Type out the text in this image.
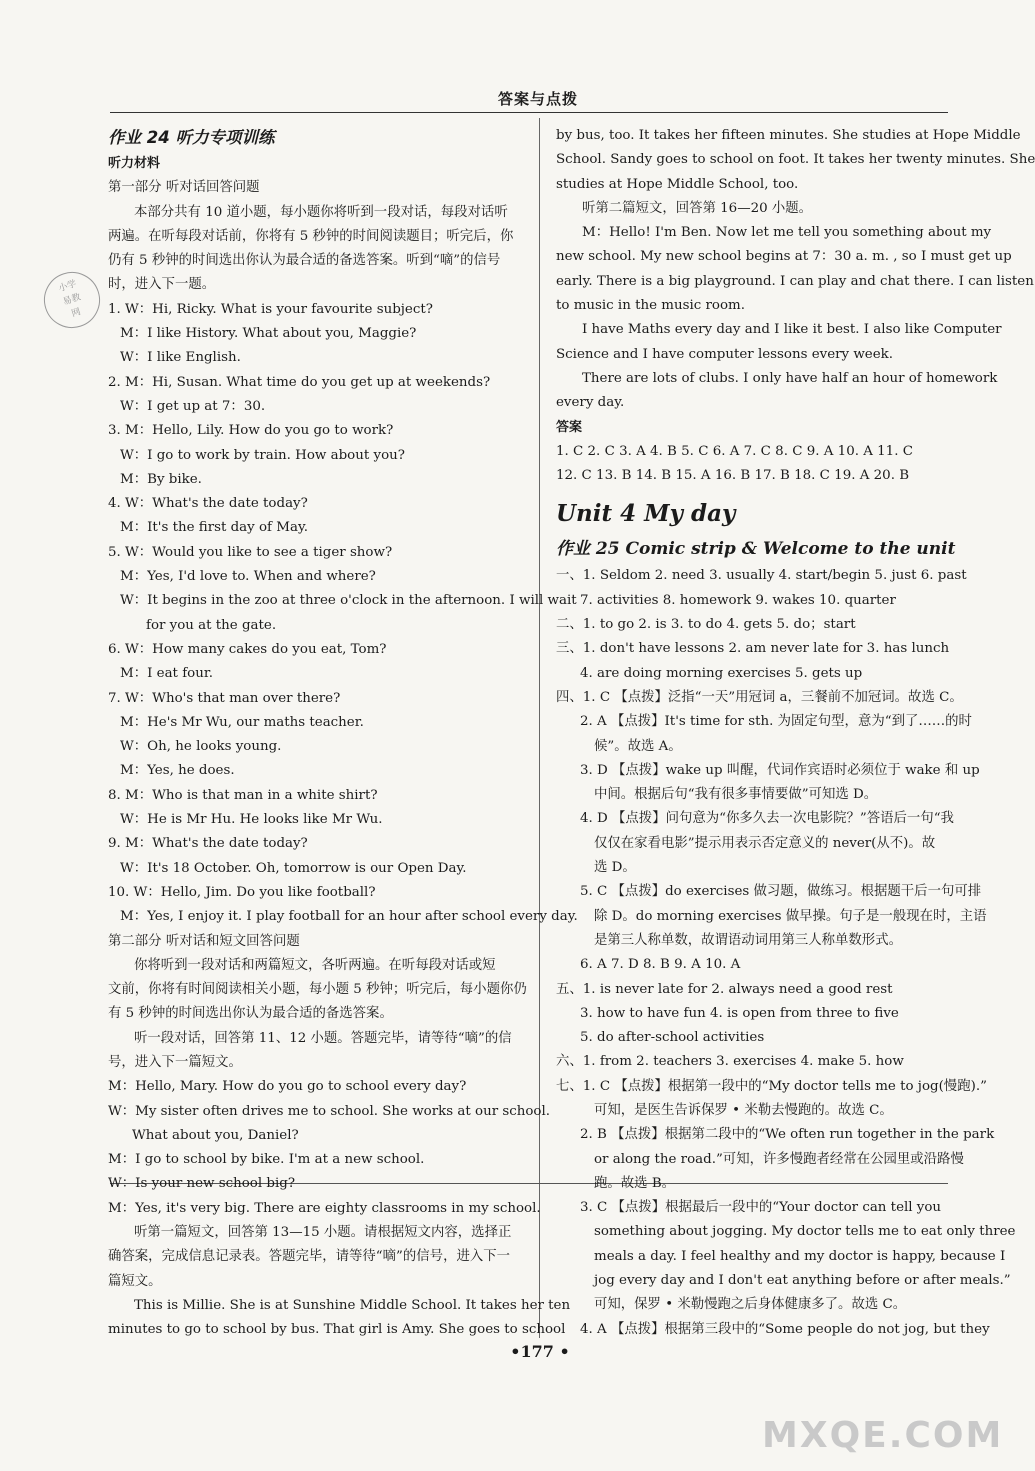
答案与点拨
小学
易教
网
作业 24 听力专项训练
听力材料
第一部分 听对话回答问题
本部分共有 10 道小题，每小题你将听到一段对话，每段对话听
两遍。在听每段对话前，你将有 5 秒钟的时间阅读题目；听完后，你
仍有 5 秒钟的时间选出你认为最合适的备选答案。听到“嘀”的信号
时，进入下一题。
1. W：Hi, Ricky. What is your favourite subject?
M：I like History. What about you, Maggie?
W：I like English.
2. M：Hi, Susan. What time do you get up at weekends?
W：I get up at 7：30.
3. M：Hello, Lily. How do you go to work?
W：I go to work by train. How about you?
M：By bike.
4. W：What's the date today?
M：It's the first day of May.
5. W：Would you like to see a tiger show?
M：Yes, I'd love to. When and where?
W：It begins in the zoo at three o'clock in the afternoon. I will wait
for you at the gate.
6. W：How many cakes do you eat, Tom?
M：I eat four.
7. W：Who's that man over there?
M：He's Mr Wu, our maths teacher.
W：Oh, he looks young.
M：Yes, he does.
8. M：Who is that man in a white shirt?
W：He is Mr Hu. He looks like Mr Wu.
9. M：What's the date today?
W：It's 18 October. Oh, tomorrow is our Open Day.
10. W：Hello, Jim. Do you like football?
M：Yes, I enjoy it. I play football for an hour after school every day.
第二部分 听对话和短文回答问题
你将听到一段对话和两篇短文，各听两遍。在听每段对话或短
文前，你将有时间阅读相关小题，每小题 5 秒钟；听完后，每小题你仍
有 5 秒钟的时间选出你认为最合适的备选答案。
听一段对话，回答第 11、12 小题。答题完毕，请等待“嘀”的信
号，进入下一篇短文。
M：Hello, Mary. How do you go to school every day?
W：My sister often drives me to school. She works at our school.
What about you, Daniel?
M：I go to school by bike. I'm at a new school.
W：Is your new school big?
M：Yes, it's very big. There are eighty classrooms in my school.
听第一篇短文，回答第 13—15 小题。请根据短文内容，选择正
确答案，完成信息记录表。答题完毕，请等待“嘀”的信号，进入下一
篇短文。
This is Millie. She is at Sunshine Middle School. It takes her ten
minutes to go to school by bus. That girl is Amy. She goes to school
by bus, too. It takes her fifteen minutes. She studies at Hope Middle
School. Sandy goes to school on foot. It takes her twenty minutes. She
studies at Hope Middle School, too.
听第二篇短文，回答第 16—20 小题。
M：Hello! I'm Ben. Now let me tell you something about my
new school. My new school begins at 7：30 a. m. , so I must get up
early. There is a big playground. I can play and chat there. I can listen
to music in the music room.
I have Maths every day and I like it best. I also like Computer
Science and I have computer lessons every week.
There are lots of clubs. I only have half an hour of homework
every day.
答案
1. C 2. C 3. A 4. B 5. C 6. A 7. C 8. C 9. A 10. A 11. C
12. C 13. B 14. B 15. A 16. B 17. B 18. C 19. A 20. B
Unit 4 My day
作业 25 Comic strip & Welcome to the unit
一、1. Seldom 2. need 3. usually 4. start/begin 5. just 6. past
7. activities 8. homework 9. wakes 10. quarter
二、1. to go 2. is 3. to do 4. gets 5. do；start
三、1. don't have lessons 2. am never late for 3. has lunch
4. are doing morning exercises 5. gets up
四、1. C 【点拨】泛指“一天”用冠词 a，三餐前不加冠词。故选 C。
2. A 【点拨】It's time for sth. 为固定句型，意为“到了……的时
候”。故选 A。
3. D 【点拨】wake up 叫醒，代词作宾语时必须位于 wake 和 up
中间。根据后句“我有很多事情要做”可知选 D。
4. D 【点拨】问句意为“你多久去一次电影院？”答语后一句“我
仅仅在家看电影”提示用表示否定意义的 never(从不)。故
选 D。
5. C 【点拨】do exercises 做习题，做练习。根据题干后一句可排
除 D。do morning exercises 做早操。句子是一般现在时，主语
是第三人称单数，故谓语动词用第三人称单数形式。
6. A 7. D 8. B 9. A 10. A
五、1. is never late for 2. always need a good rest
3. how to have fun 4. is open from three to five
5. do after-school activities
六、1. from 2. teachers 3. exercises 4. make 5. how
七、1. C 【点拨】根据第一段中的“My doctor tells me to jog(慢跑).”
可知，是医生告诉保罗 • 米勒去慢跑的。故选 C。
2. B 【点拨】根据第二段中的“We often run together in the park
or along the road.”可知，许多慢跑者经常在公园里或沿路慢
跑。故选 B。
3. C 【点拨】根据最后一段中的“Your doctor can tell you
something about jogging. My doctor tells me to eat only three
meals a day. I feel healthy and my doctor is happy, because I
jog every day and I don't eat anything before or after meals.”
可知，保罗 • 米勒慢跑之后身体健康多了。故选 C。
4. A 【点拨】根据第三段中的“Some people do not jog, but they
•177 •
MXQE.COM
